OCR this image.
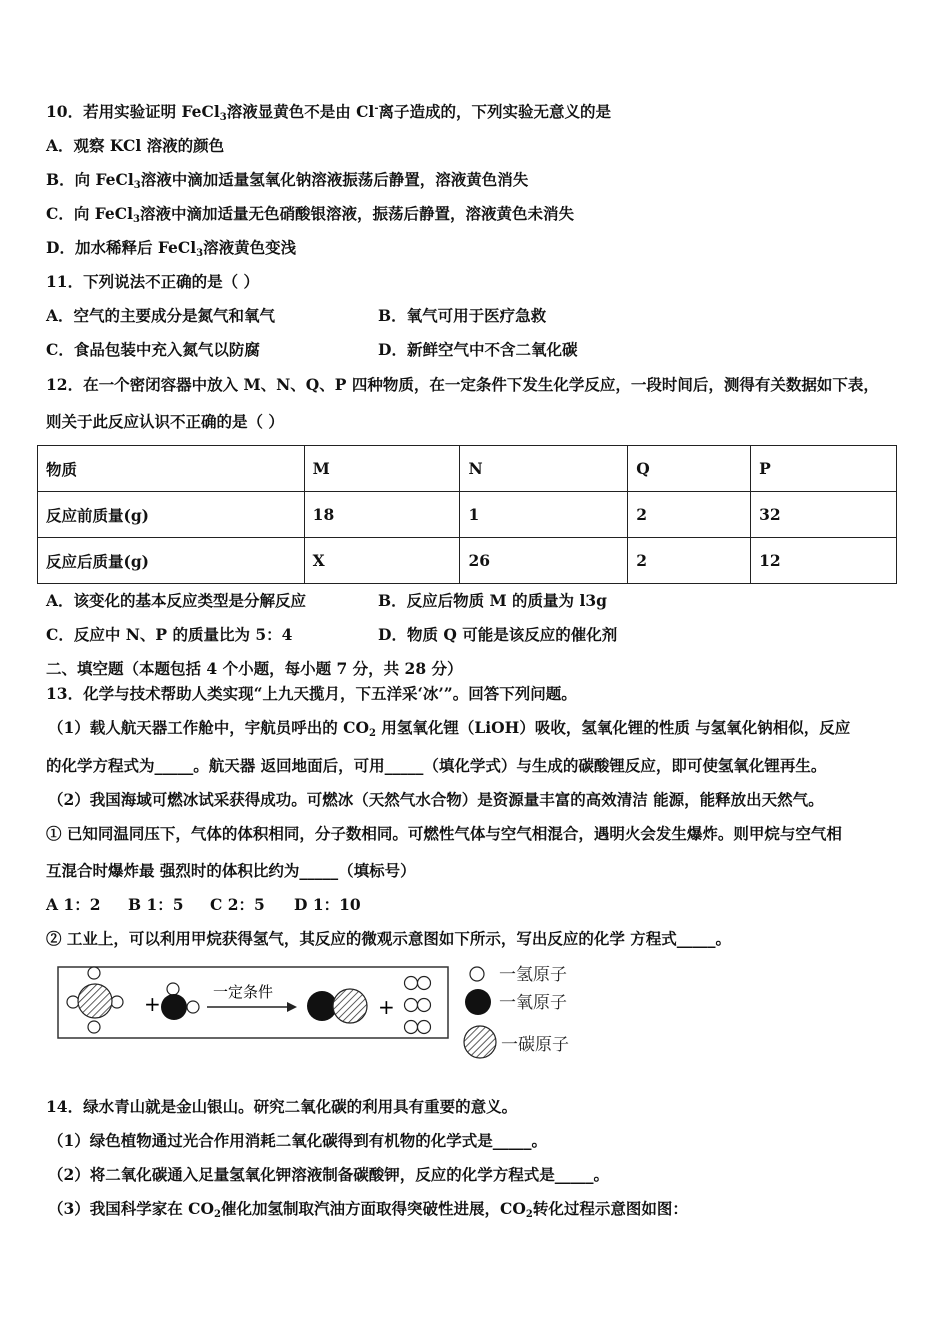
10．若用实验证明 FeCl$_3$溶液显黄色不是由 Cl-离子造成的，下列实验无意义的是
A．观察 KCl 溶液的颜色
B．向 FeCl$_3$溶液中滴加适量氢氧化钠溶液振荡后静置，溶液黄色消失
C．向 FeCl$_3$溶液中滴加适量无色硝酸银溶液，振荡后静置，溶液黄色未消失
D．加水稀释后 FeCl$_3$溶液黄色变浅
11．下列说法不正确的是（ ）
A．空气的主要成分是氮气和氧气	B．氧气可用于医疗急救
C．食品包装中充入氮气以防腐	D．新鲜空气中不含二氧化碳
12．在一个密闭容器中放入 M、N、Q、P 四种物质，在一定条件下发生化学反应，一段时间后，测得有关数据如下表，
则关于此反应认识不正确的是（ ）
物质	M	N	Q	P
反应前质量(g)	18	1	2	32
反应后质量(g)	X	26	2	12
A．该变化的基本反应类型是分解反应	B．反应后物质 M 的质量为 l3g
C．反应中 N、P 的质量比为 5：4	D．物质 Q 可能是该反应的催化剂
二、填空题（本题包括 4 个小题，每小题 7 分，共 28 分）
13．化学与技术帮助人类实现“上九天揽月，下五洋采‘冰’”。回答下列问题。
（1）载人航天器工作舱中，宇航员呼出的 $CO_2$ 用氢氧化锂（LiOH）吸收，氢氧化锂的性质 与氢氧化钠相似，反应
的化学方程式为_____。航天器 返回地面后，可用_____（填化学式）与生成的碳酸锂反应，即可使氢氧化锂再生。
（2）我国海域可燃冰试采获得成功。可燃冰（天然气水合物）是资源量丰富的高效清洁 能源，能释放出天然气。
① 已知同温同压下，气体的体积相同，分子数相同。可燃性气体与空气相混合，遇明火会发生爆炸。则甲烷与空气相
互混合时爆炸最 强烈时的体积比约为_____（填标号）
A 1：2 B 1：5 C 2：5 D 1：10
② 工业上，可以利用甲烷获得氢气，其反应的微观示意图如下所示，写出反应的化学 方程式_____。
+	一定条件
+
一氢原子
一氧原子
一碳原子
14．绿水青山就是金山银山。研究二氧化碳的利用具有重要的意义。
（1）绿色植物通过光合作用消耗二氧化碳得到有机物的化学式是_____。
（2）将二氧化碳通入足量氢氧化钾溶液制备碳酸钾，反应的化学方程式是_____。
（3）我国科学家在 $CO_2$催化加氢制取汽油方面取得突破性进展，$CO_2$转化过程示意图如图：
